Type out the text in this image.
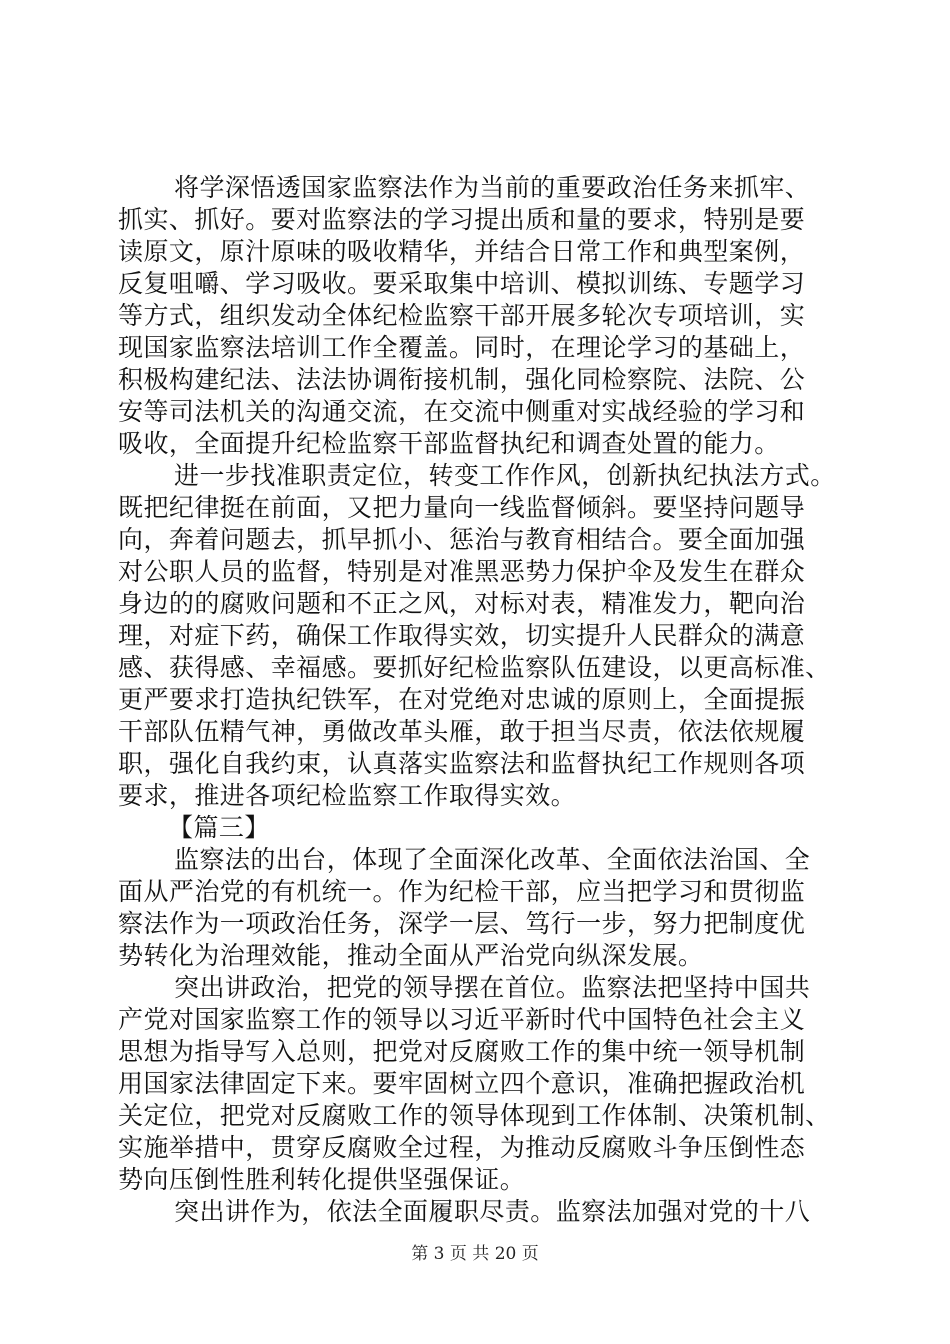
将学深悟透国家监察法作为当前的重要政治任务来抓牢、
抓实、抓好。要对监察法的学习提出质和量的要求，特别是要
读原文，原汁原味的吸收精华，并结合日常工作和典型案例，
反复咀嚼、学习吸收。要采取集中培训、模拟训练、专题学习
等方式，组织发动全体纪检监察干部开展多轮次专项培训，实
现国家监察法培训工作全覆盖。同时，在理论学习的基础上，
积极构建纪法、法法协调衔接机制，强化同检察院、法院、公
安等司法机关的沟通交流，在交流中侧重对实战经验的学习和
吸收，全面提升纪检监察干部监督执纪和调查处置的能力。
进一步找准职责定位，转变工作作风，创新执纪执法方式。
既把纪律挺在前面，又把力量向一线监督倾斜。要坚持问题导
向，奔着问题去，抓早抓小、惩治与教育相结合。要全面加强
对公职人员的监督，特别是对准黑恶势力保护伞及发生在群众
身边的的腐败问题和不正之风，对标对表，精准发力，靶向治
理，对症下药，确保工作取得实效，切实提升人民群众的满意
感、获得感、幸福感。要抓好纪检监察队伍建设，以更高标准、
更严要求打造执纪铁军，在对党绝对忠诚的原则上，全面提振
干部队伍精气神，勇做改革头雁，敢于担当尽责，依法依规履
职，强化自我约束，认真落实监察法和监督执纪工作规则各项
要求，推进各项纪检监察工作取得实效。
【篇三】
监察法的出台，体现了全面深化改革、全面依法治国、全
面从严治党的有机统一。作为纪检干部，应当把学习和贯彻监
察法作为一项政治任务，深学一层、笃行一步，努力把制度优
势转化为治理效能，推动全面从严治党向纵深发展。
突出讲政治，把党的领导摆在首位。监察法把坚持中国共
产党对国家监察工作的领导以习近平新时代中国特色社会主义
思想为指导写入总则，把党对反腐败工作的集中统一领导机制
用国家法律固定下来。要牢固树立四个意识，准确把握政治机
关定位，把党对反腐败工作的领导体现到工作体制、决策机制、
实施举措中，贯穿反腐败全过程，为推动反腐败斗争压倒性态
势向压倒性胜利转化提供坚强保证。
突出讲作为，依法全面履职尽责。监察法加强对党的十八
第 3 页 共 20 页
